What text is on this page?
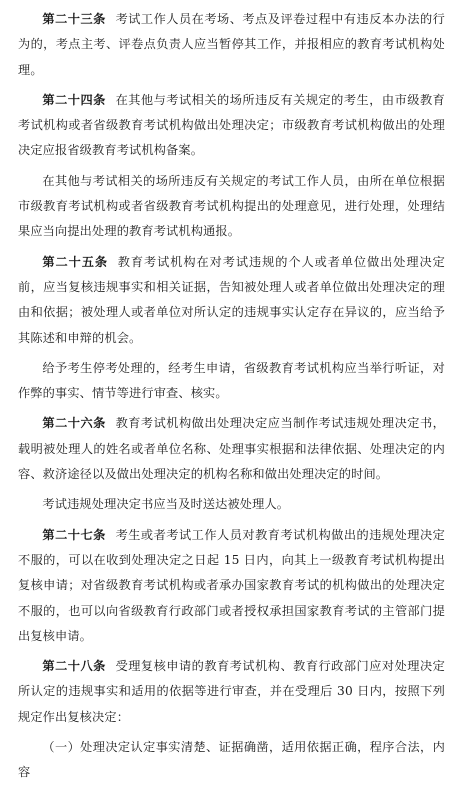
第二十三条 考试工作人员在考场、考点及评卷过程中有违反本办法的行为的，考点主考、评卷点负责人应当暂停其工作，并报相应的教育考试机构处理。

第二十四条 在其他与考试相关的场所违反有关规定的考生，由市级教育考试机构或者省级教育考试机构做出处理决定；市级教育考试机构做出的处理决定应报省级教育考试机构备案。

在其他与考试相关的场所违反有关规定的考试工作人员，由所在单位根据市级教育考试机构或者省级教育考试机构提出的处理意见，进行处理，处理结果应当向提出处理的教育考试机构通报。

第二十五条 教育考试机构在对考试违规的个人或者单位做出处理决定前，应当复核违规事实和相关证据，告知被处理人或者单位做出处理决定的理由和依据；被处理人或者单位对所认定的违规事实认定存在异议的，应当给予其陈述和申辩的机会。

给予考生停考处理的，经考生申请，省级教育考试机构应当举行听证，对作弊的事实、情节等进行审查、核实。

第二十六条 教育考试机构做出处理决定应当制作考试违规处理决定书，载明被处理人的姓名或者单位名称、处理事实根据和法律依据、处理决定的内容、救济途径以及做出处理决定的机构名称和做出处理决定的时间。

考试违规处理决定书应当及时送达被处理人。

第二十七条 考生或者考试工作人员对教育考试机构做出的违规处理决定不服的，可以在收到处理决定之日起 15 日内，向其上一级教育考试机构提出复核申请；对省级教育考试机构或者承办国家教育考试的机构做出的处理决定不服的，也可以向省级教育行政部门或者授权承担国家教育考试的主管部门提出复核申请。

第二十八条 受理复核申请的教育考试机构、教育行政部门应对处理决定所认定的违规事实和适用的依据等进行审查，并在受理后 30 日内，按照下列规定作出复核决定：

（一）处理决定认定事实清楚、证据确凿，适用依据正确，程序合法，内容
